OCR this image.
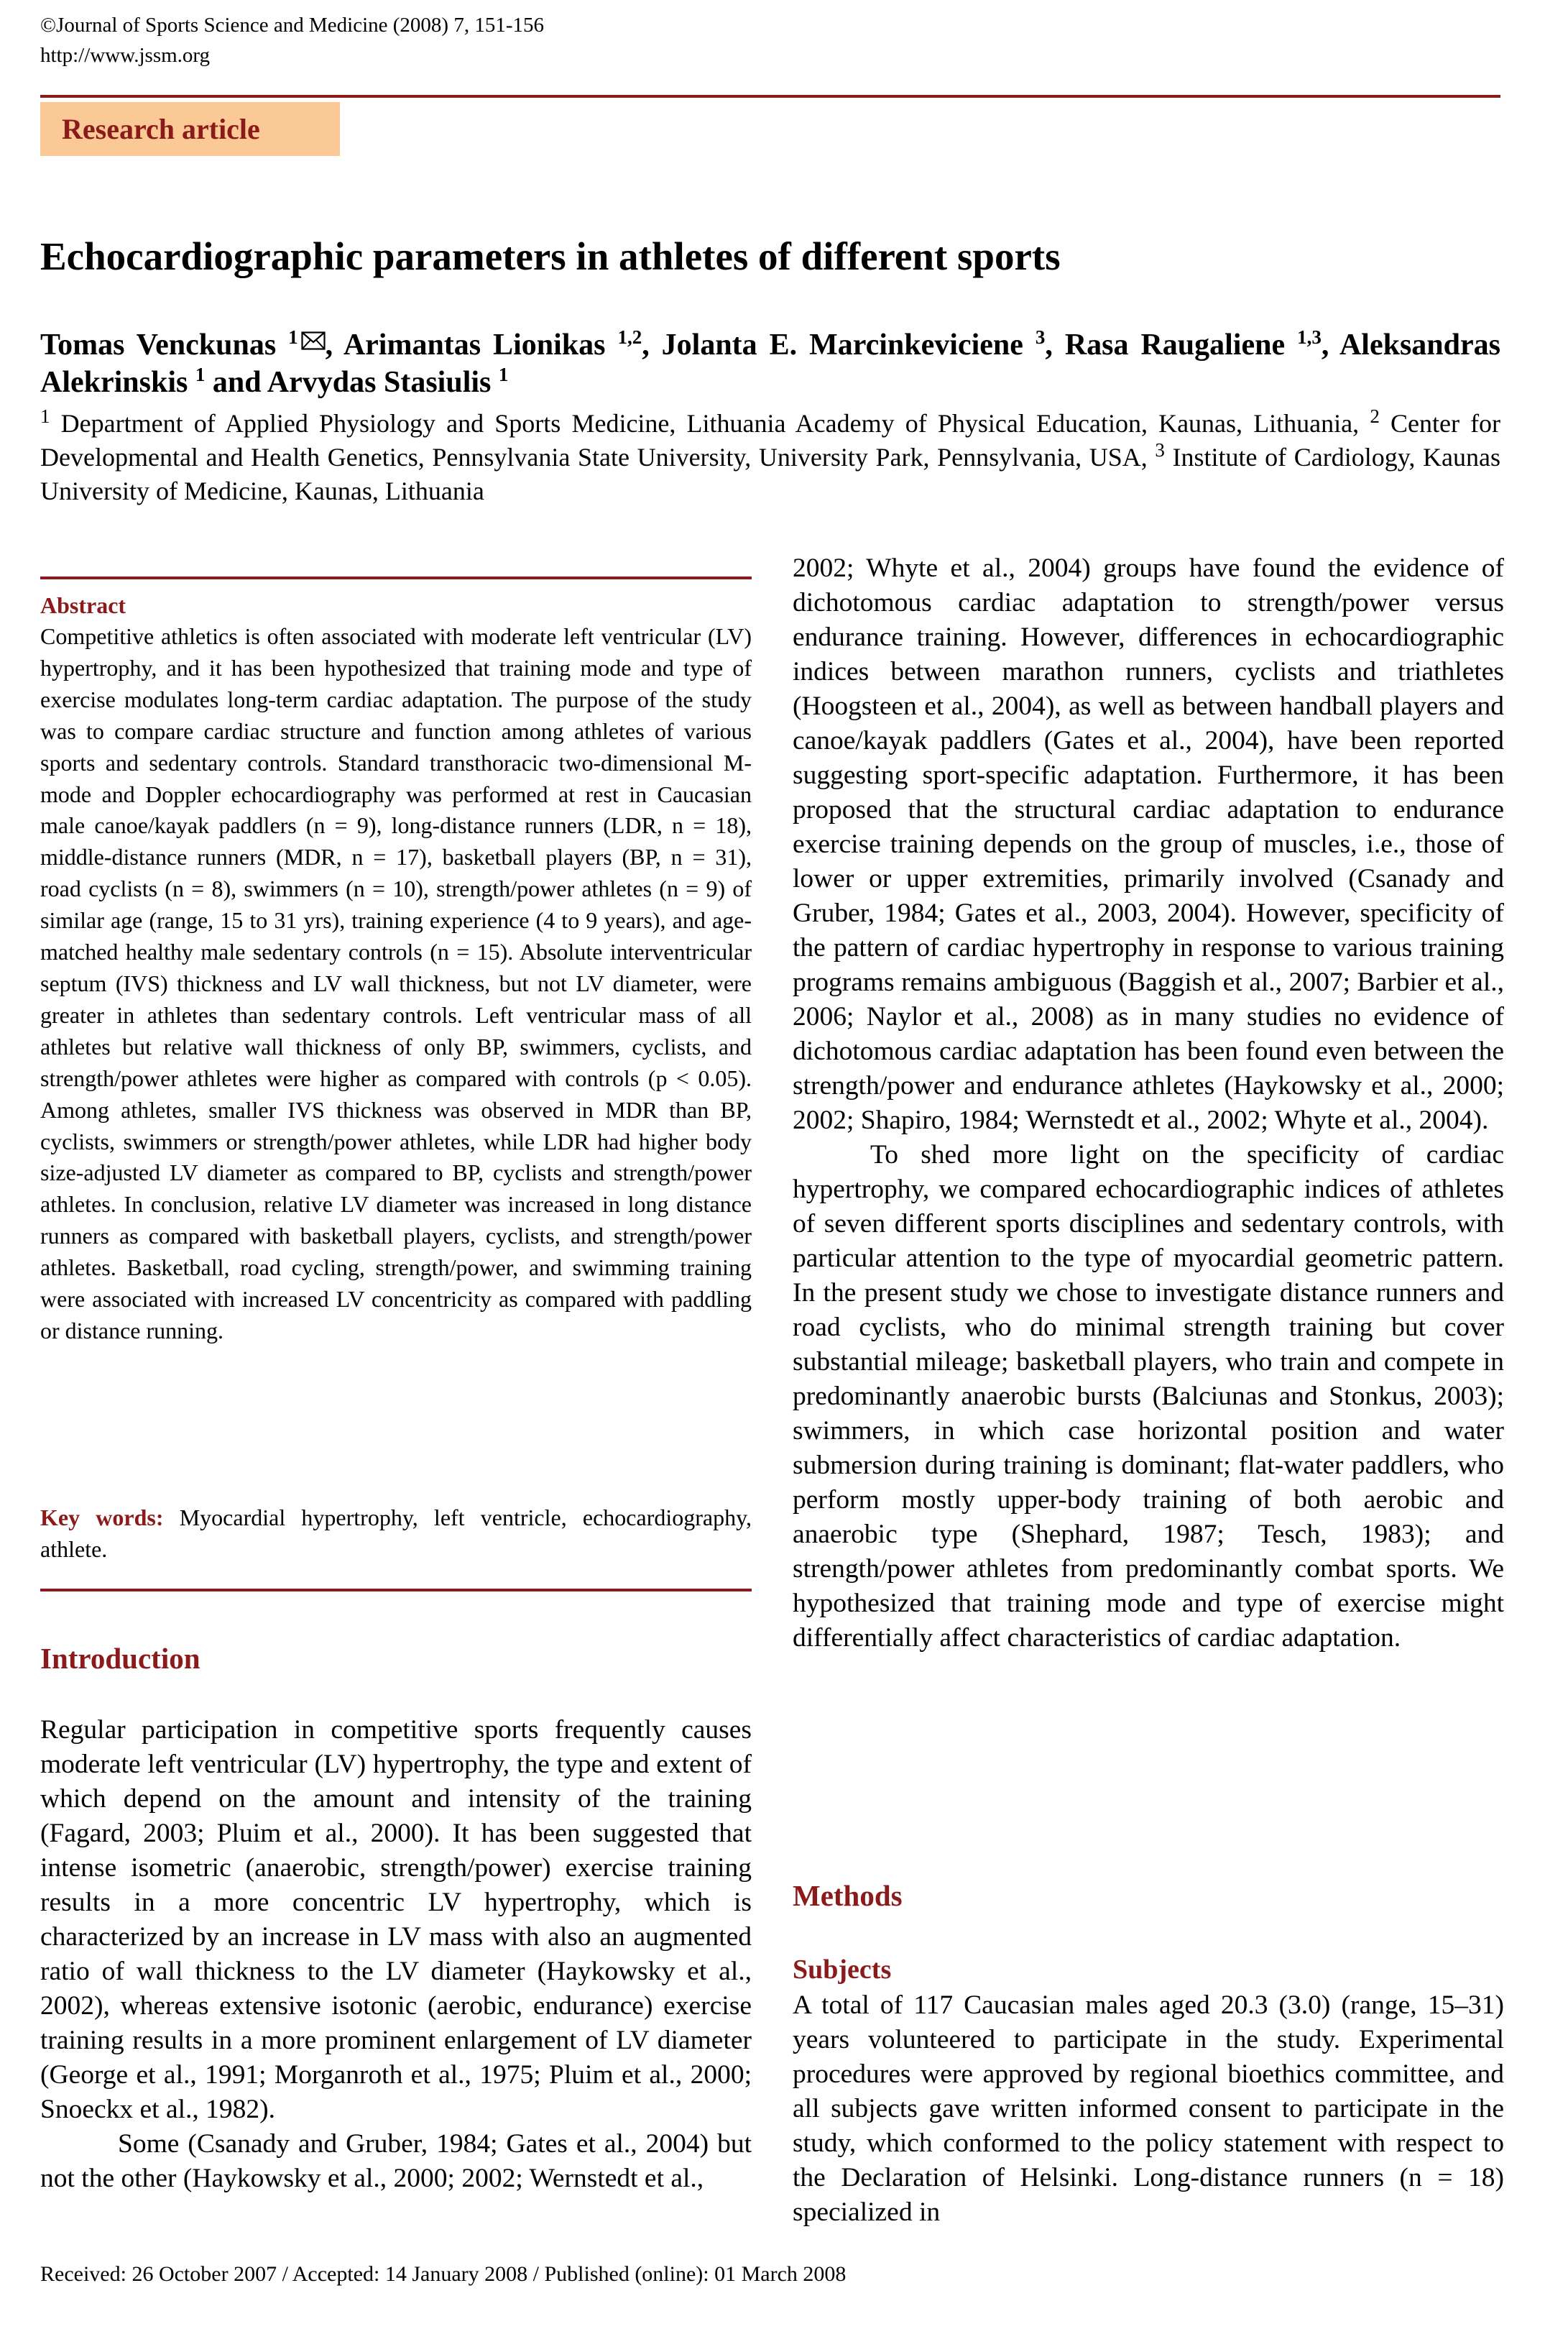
©Journal of Sports Science and Medicine (2008) 7, 151-156
http://www.jssm.org
Research article
Echocardiographic parameters in athletes of different sports
Tomas Venckunas $^1$ , Arimantas Lionikas $^{1,2}$, Jolanta E. Marcinkeviciene $^3$, Rasa Raugaliene $^{1,3}$, Aleksandras Alekrinskis $^1$ and Arvydas Stasiulis $^1$
$^1$ Department of Applied Physiology and Sports Medicine, Lithuania Academy of Physical Education, Kaunas, Lithuania, $^2$ Center for Developmental and Health Genetics, Pennsylvania State University, University Park, Pennsylvania, USA, $^3$ Institute of Cardiology, Kaunas University of Medicine, Kaunas, Lithuania
Abstract
Competitive athletics is often associated with moderate left ventricular (LV) hypertrophy, and it has been hypothesized that training mode and type of exercise modulates long-term cardiac adaptation. The purpose of the study was to compare cardiac structure and function among athletes of various sports and sedentary controls. Standard transthoracic two-dimensional M-mode and Doppler echocardiography was performed at rest in Caucasian male canoe/kayak paddlers (n = 9), long-distance runners (LDR, n = 18), middle-distance runners (MDR, n = 17), basketball players (BP, n = 31), road cyclists (n = 8), swimmers (n = 10), strength/power athletes (n = 9) of similar age (range, 15 to 31 yrs), training experience (4 to 9 years), and age-matched healthy male sedentary controls (n = 15). Absolute interventricular septum (IVS) thickness and LV wall thickness, but not LV diameter, were greater in athletes than sedentary controls. Left ventricular mass of all athletes but relative wall thickness of only BP, swimmers, cyclists, and strength/power athletes were higher as compared with controls (p < 0.05). Among athletes, smaller IVS thickness was observed in MDR than BP, cyclists, swimmers or strength/power athletes, while LDR had higher body size-adjusted LV diameter as compared to BP, cyclists and strength/power athletes. In conclusion, relative LV diameter was increased in long distance runners as compared with basketball players, cyclists, and strength/power athletes. Basketball, road cycling, strength/power, and swimming training were associated with increased LV concentricity as compared with paddling or distance running.
Key words: Myocardial hypertrophy, left ventricle, echocardiography, athlete.
Introduction

Regular participation in competitive sports frequently causes moderate left ventricular (LV) hypertrophy, the type and extent of which depend on the amount and intensity of the training (Fagard, 2003; Pluim et al., 2000). It has been suggested that intense isometric (anaerobic, strength/power) exercise training results in a more concentric LV hypertrophy, which is characterized by an increase in LV mass with also an augmented ratio of wall thickness to the LV diameter (Haykowsky et al., 2002), whereas extensive isotonic (aerobic, endurance) exercise training results in a more prominent enlargement of LV diameter (George et al., 1991; Morganroth et al., 1975; Pluim et al., 2000; Snoeckx et al., 1982).

Some (Csanady and Gruber, 1984; Gates et al., 2004) but not the other (Haykowsky et al., 2000; 2002; Wernstedt et al.,

2002; Whyte et al., 2004) groups have found the evidence of dichotomous cardiac adaptation to strength/power versus endurance training. However, differences in echocardiographic indices between marathon runners, cyclists and triathletes (Hoogsteen et al., 2004), as well as between handball players and canoe/kayak paddlers (Gates et al., 2004), have been reported suggesting sport-specific adaptation. Furthermore, it has been proposed that the structural cardiac adaptation to endurance exercise training depends on the group of muscles, i.e., those of lower or upper extremities, primarily involved (Csanady and Gruber, 1984; Gates et al., 2003, 2004). However, specificity of the pattern of cardiac hypertrophy in response to various training programs remains ambiguous (Baggish et al., 2007; Barbier et al., 2006; Naylor et al., 2008) as in many studies no evidence of dichotomous cardiac adaptation has been found even between the strength/power and endurance athletes (Haykowsky et al., 2000; 2002; Shapiro, 1984; Wernstedt et al., 2002; Whyte et al., 2004).

To shed more light on the specificity of cardiac hypertrophy, we compared echocardiographic indices of athletes of seven different sports disciplines and sedentary controls, with particular attention to the type of myocardial geometric pattern. In the present study we chose to investigate distance runners and road cyclists, who do minimal strength training but cover substantial mileage; basketball players, who train and compete in predominantly anaerobic bursts (Balciunas and Stonkus, 2003); swimmers, in which case horizontal position and water submersion during training is dominant; flat-water paddlers, who perform mostly upper-body training of both aerobic and anaerobic type (Shephard, 1987; Tesch, 1983); and strength/power athletes from predominantly combat sports. We hypothesized that training mode and type of exercise might differentially affect characteristics of cardiac adaptation.

Methods
Subjects

A total of 117 Caucasian males aged 20.3 (3.0) (range, 15–31) years volunteered to participate in the study. Experimental procedures were approved by regional bioethics committee, and all subjects gave written informed consent to participate in the study, which conformed to the policy statement with respect to the Declaration of Helsinki. Long-distance runners (n = 18) specialized in

Received: 26 October 2007 / Accepted: 14 January 2008 / Published (online): 01 March 2008
